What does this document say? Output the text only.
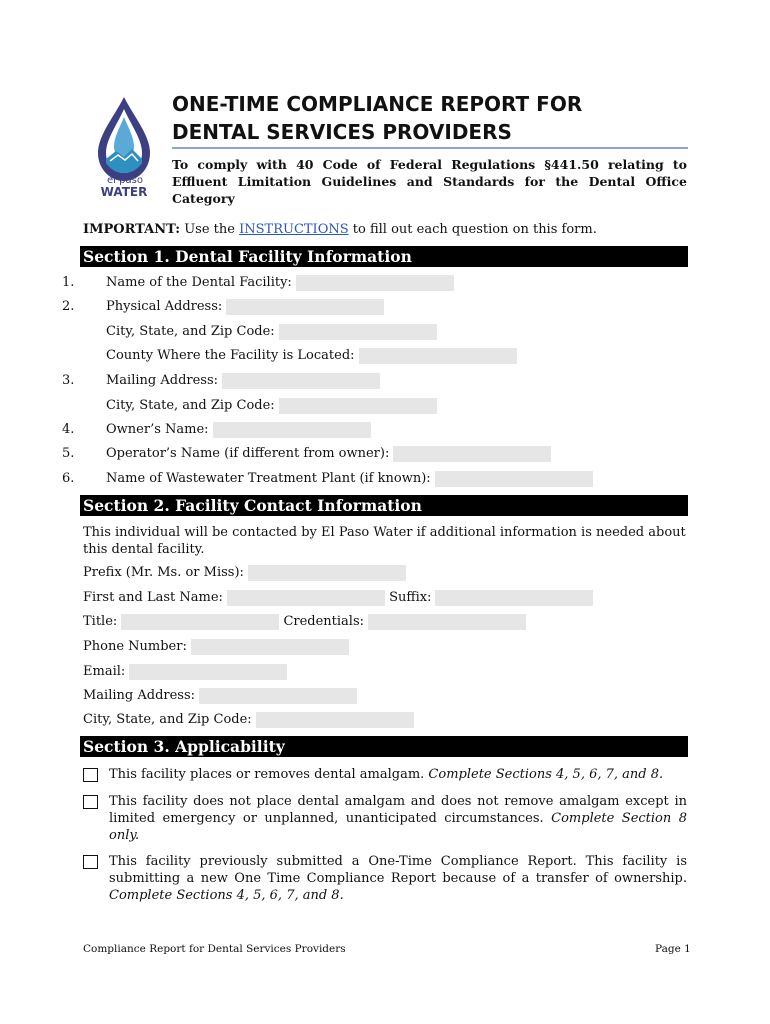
el paso
WATER
ONE-TIME COMPLIANCE REPORT FOR
DENTAL SERVICES PROVIDERS
To comply with 40 Code of Federal Regulations §441.50 relating to Effluent Limitation Guidelines and Standards for the Dental Office Category
IMPORTANT: Use the INSTRUCTIONS to fill out each question on this form.
Section 1. Dental Facility Information
1.	Name of the Dental Facility:
2.	Physical Address:
City, State, and Zip Code:
County Where the Facility is Located:
3.	Mailing Address:
City, State, and Zip Code:
4.	Owner’s Name:
5.	Operator’s Name (if different from owner):
6.	Name of Wastewater Treatment Plant (if known):
Section 2. Facility Contact Information
This individual will be contacted by El Paso Water if additional information is needed about this dental facility.
Prefix (Mr. Ms. or Miss):
First and Last Name:	Suffix:
Title:	Credentials:
Phone Number:
Email:
Mailing Address:
City, State, and Zip Code:
Section 3. Applicability
This facility places or removes dental amalgam. Complete Sections 4, 5, 6, 7, and 8.
This facility does not place dental amalgam and does not remove amalgam except in limited emergency or unplanned, unanticipated circumstances. Complete Section 8 only.
This facility previously submitted a One-Time Compliance Report. This facility is submitting a new One Time Compliance Report because of a transfer of ownership. Complete Sections 4, 5, 6, 7, and 8.
Compliance Report for Dental Services Providers	Page 1
